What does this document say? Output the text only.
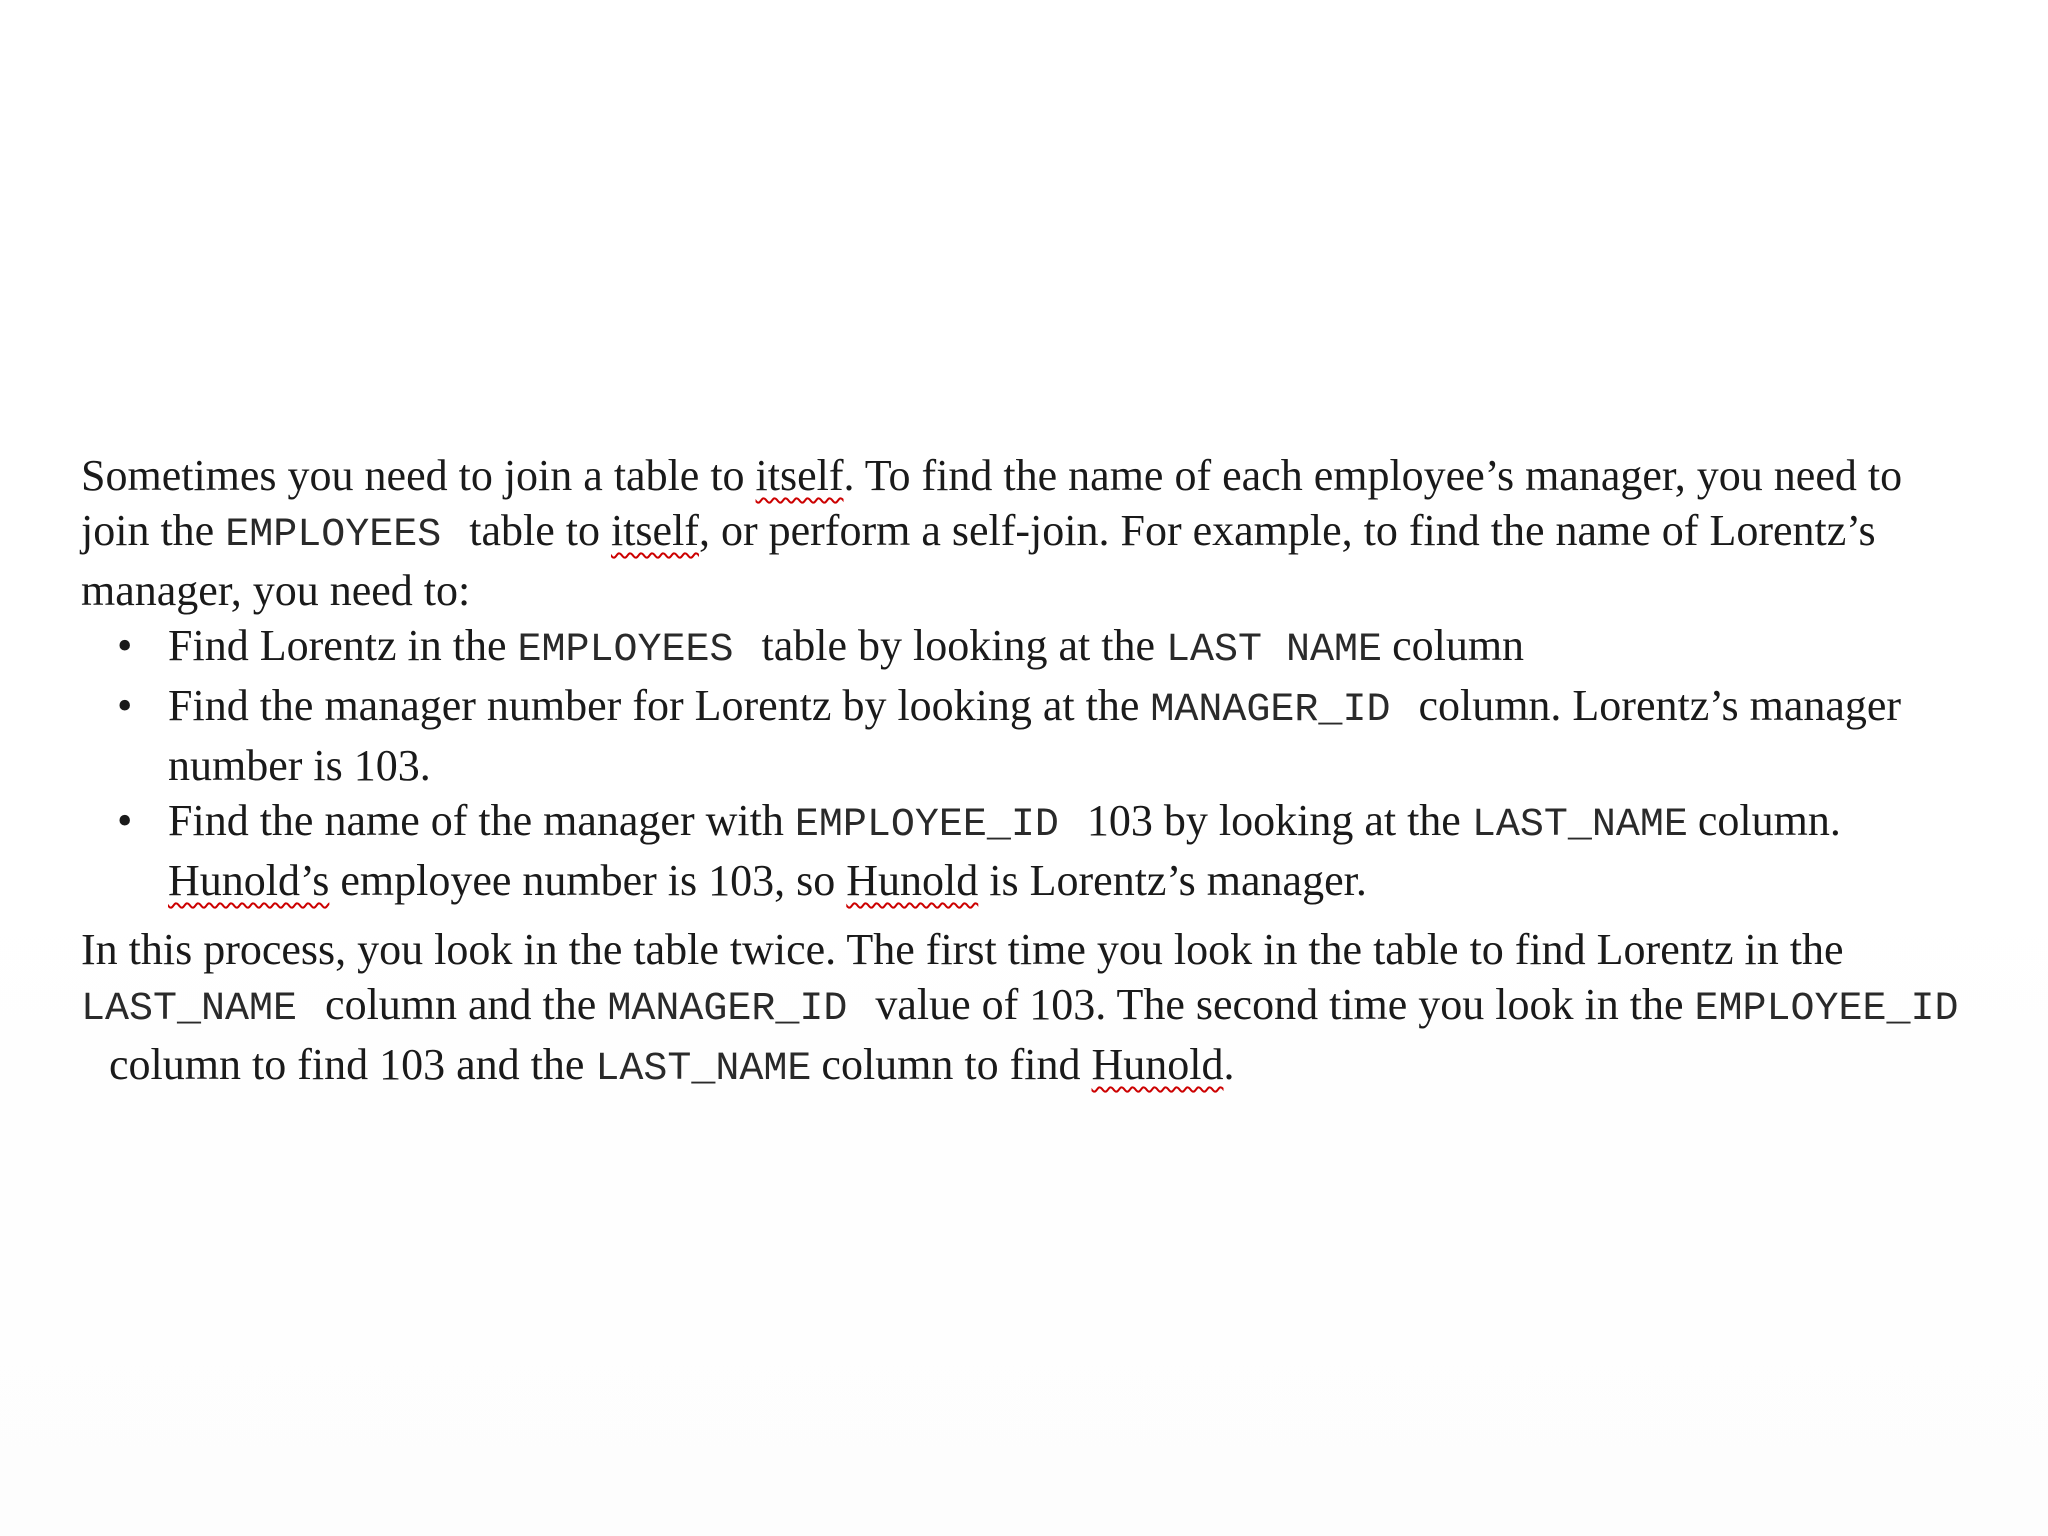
Sometimes you need to join a table to itself. To find the name of each employee’s manager, you need to join the EMPLOYEES table to itself, or perform a self-join. For example, to find the name of Lorentz’s manager, you need to:

• Find Lorentz in the EMPLOYEES table by looking at the LAST NAME column
• Find the manager number for Lorentz by looking at the MANAGER_ID column. Lorentz’s manager number is 103.
• Find the name of the manager with EMPLOYEE_ID 103 by looking at the LAST_NAME column. Hunold’s employee number is 103, so Hunold is Lorentz’s manager.

In this process, you look in the table twice. The first time you look in the table to find Lorentz in the LAST_NAME column and the MANAGER_ID value of 103. The second time you look in the EMPLOYEE_IDcolumn to find 103 and the LAST_NAME column to find Hunold.
